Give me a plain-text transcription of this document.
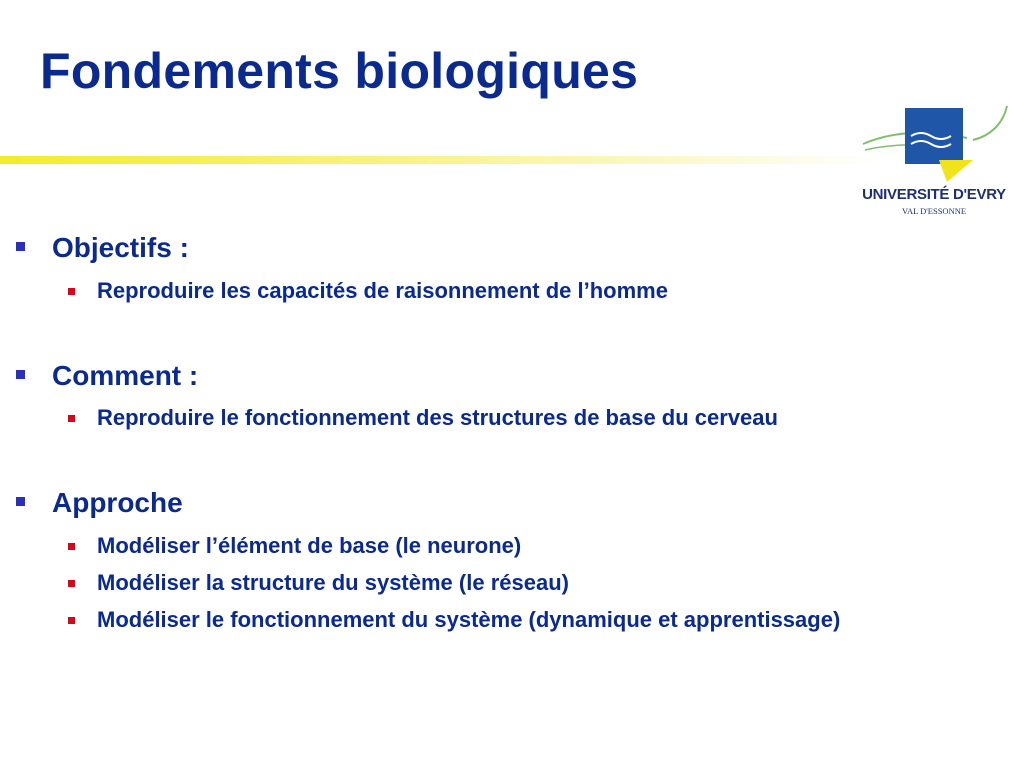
Fondements biologiques
UNIVERSITÉ D'EVRY
VAL D'ESSONNE
Objectifs :
Reproduire les capacités de raisonnement de l’homme
Comment :
Reproduire le fonctionnement des structures de base du cerveau
Approche
Modéliser l’élément de base (le neurone)
Modéliser la structure du système (le réseau)
Modéliser le fonctionnement du système (dynamique et apprentissage)
